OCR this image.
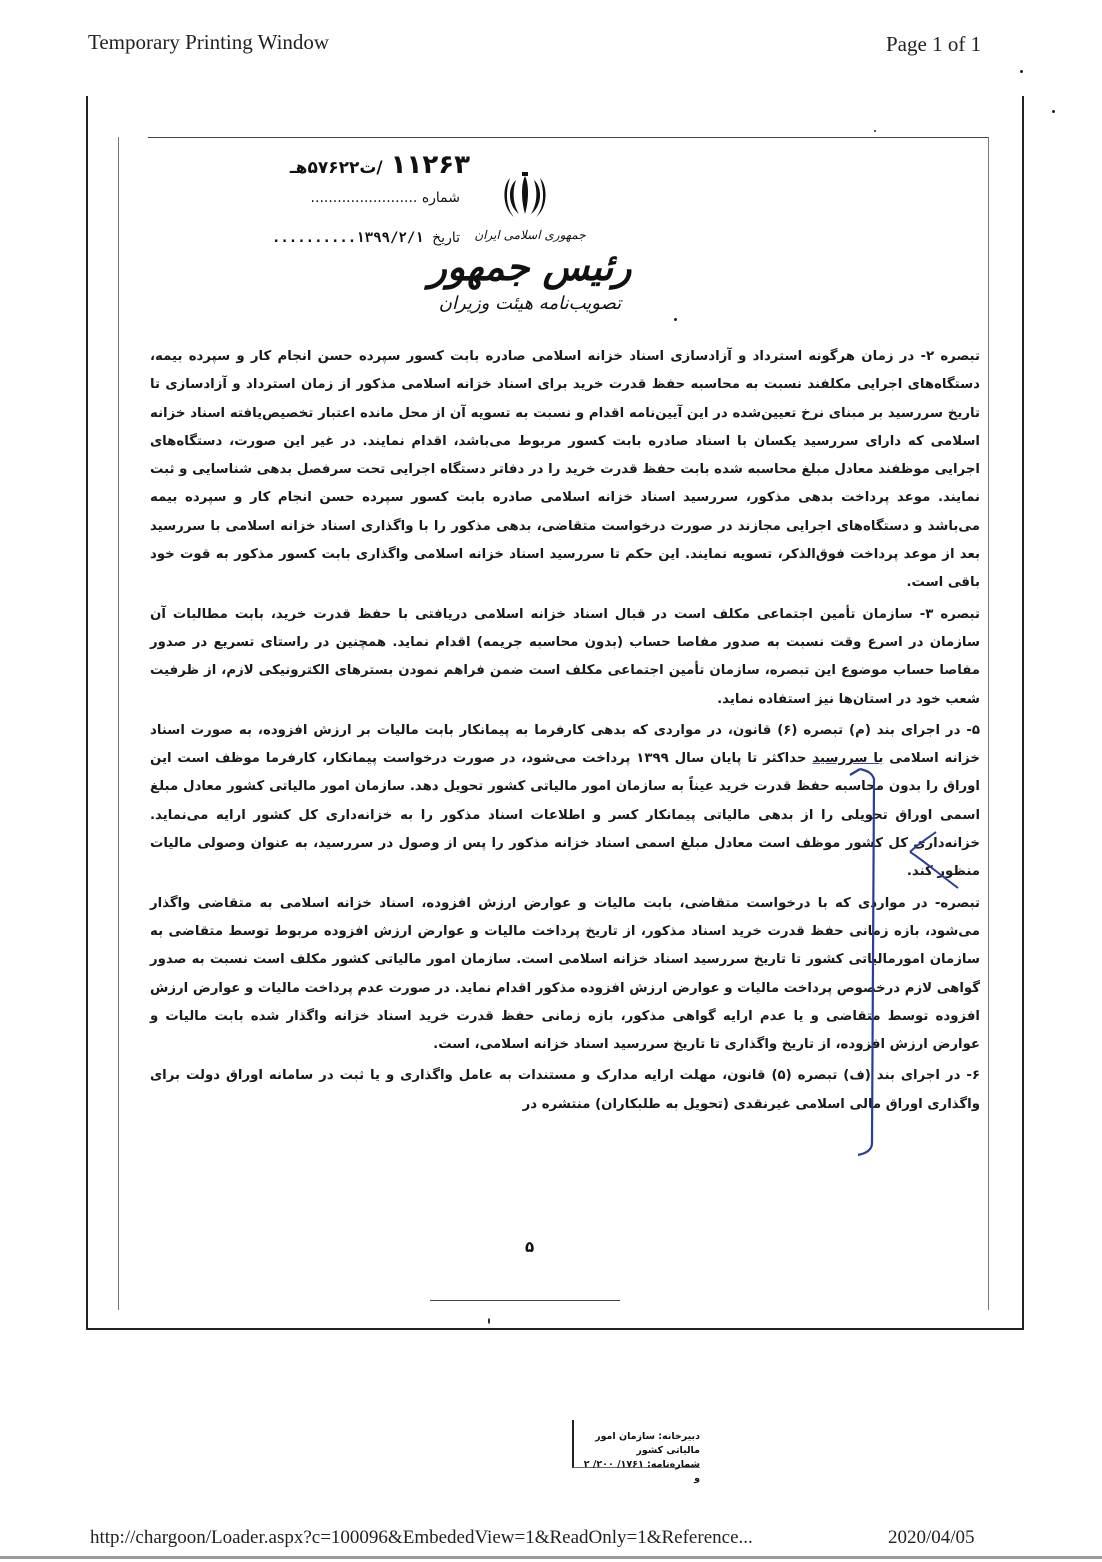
Temporary Printing Window	Page 1 of 1
۱۱۲۶۳/ت۵۷۶۲۲هـ
شماره ........................
تاریخ ۱۳۹۹/۲/۱..........	جمهوری اسلامی ایران
رئیس جمهور
تصویب‌نامه هیئت وزیران

تبصره ۲- در زمان هرگونه استرداد و آزادسازی اسناد خزانه اسلامی صادره بابت کسور سپرده حسن انجام کار و سپرده بیمه، دستگاه‌های اجرایی مکلفند نسبت به محاسبه حفظ قدرت خرید برای اسناد خزانه اسلامی مذکور از زمان استرداد و آزادسازی تا تاریخ سررسید بر مبنای نرخ تعیین‌شده در این آیین‌نامه اقدام و نسبت به تسویه آن از محل مانده اعتبار تخصیص‌یافته اسناد خزانه اسلامی که دارای سررسید یکسان با اسناد صادره بابت کسور مربوط می‌باشد، اقدام نمایند. در غیر این صورت، دستگاه‌های اجرایی موظفند معادل مبلغ محاسبه شده بابت حفظ قدرت خرید را در دفاتر دستگاه اجرایی تحت سرفصل بدهی شناسایی و ثبت نمایند. موعد پرداخت بدهی مذکور، سررسید اسناد خزانه اسلامی صادره بابت کسور سپرده حسن انجام کار و سپرده بیمه می‌باشد و دستگاه‌های اجرایی مجازند در صورت درخواست متقاضی، بدهی مذکور را با واگذاری اسناد خزانه اسلامی با سررسید بعد از موعد پرداخت فوق‌الذکر، تسویه نمایند. این حکم تا سررسید اسناد خزانه اسلامی واگذاری بابت کسور مذکور به قوت خود باقی است.

تبصره ۳- سازمان تأمین اجتماعی مکلف است در قبال اسناد خزانه اسلامی دریافتی با حفظ قدرت خرید، بابت مطالبات آن سازمان در اسرع وقت نسبت به صدور مفاصا حساب (بدون محاسبه جریمه) اقدام نماید. همچنین در راستای تسریع در صدور مفاصا حساب موضوع این تبصره، سازمان تأمین اجتماعی مکلف است ضمن فراهم نمودن بسترهای الکترونیکی لازم، از ظرفیت شعب خود در استان‌ها نیز استفاده نماید.

۵- در اجرای بند (م) تبصره (۶) قانون، در مواردی که بدهی کارفرما به پیمانکار بابت مالیات بر ارزش افزوده، به صورت اسناد خزانه اسلامی با سررسید حداکثر تا پایان سال ۱۳۹۹ پرداخت می‌شود، در صورت درخواست پیمانکار، کارفرما موظف است این اوراق را بدون محاسبه حفظ قدرت خرید عیناً به سازمان امور مالیاتی کشور تحویل دهد. سازمان امور مالیاتی کشور معادل مبلغ اسمی اوراق تحویلی را از بدهی مالیاتی پیمانکار کسر و اطلاعات اسناد مذکور را به خزانه‌داری کل کشور ارایه می‌نماید. خزانه‌داری کل کشور موظف است معادل مبلغ اسمی اسناد خزانه مذکور را پس از وصول در سررسید، به عنوان وصولی مالیات منظور کند.

تبصره- در مواردی که با درخواست متقاضی، بابت مالیات و عوارض ارزش افزوده، اسناد خزانه اسلامی به متقاضی واگذار می‌شود، بازه زمانی حفظ قدرت خرید اسناد مذکور، از تاریخ پرداخت مالیات و عوارض ارزش افزوده مربوط توسط متقاضی به سازمان امورمالیاتی کشور تا تاریخ سررسید اسناد خزانه اسلامی است. سازمان امور مالیاتی کشور مکلف است نسبت به صدور گواهی لازم درخصوص پرداخت مالیات و عوارض ارزش افزوده مذکور اقدام نماید. در صورت عدم پرداخت مالیات و عوارض ارزش افزوده توسط متقاضی و یا عدم ارایه گواهی مذکور، بازه زمانی حفظ قدرت خرید اسناد خزانه واگذار شده بابت مالیات و عوارض ارزش افزوده، از تاریخ واگذاری تا تاریخ سررسید اسناد خزانه اسلامی، است.

۶- در اجرای بند (ف) تبصره (۵) قانون، مهلت ارایه مدارک و مستندات به عامل واگذاری و یا ثبت در سامانه اوراق دولت برای واگذاری اوراق مالی اسلامی غیرنقدی (تحویل به طلبکاران) منتشره در

۵
دبیرخانه: سازمان امور مالیاتی کشور
شماره‌نامه: ۱۷۶۱/ ۲۰۰/ ۲ و
http://chargoon/Loader.aspx?c=100096&EmbededView=1&ReadOnly=1&Reference...	2020/04/05
